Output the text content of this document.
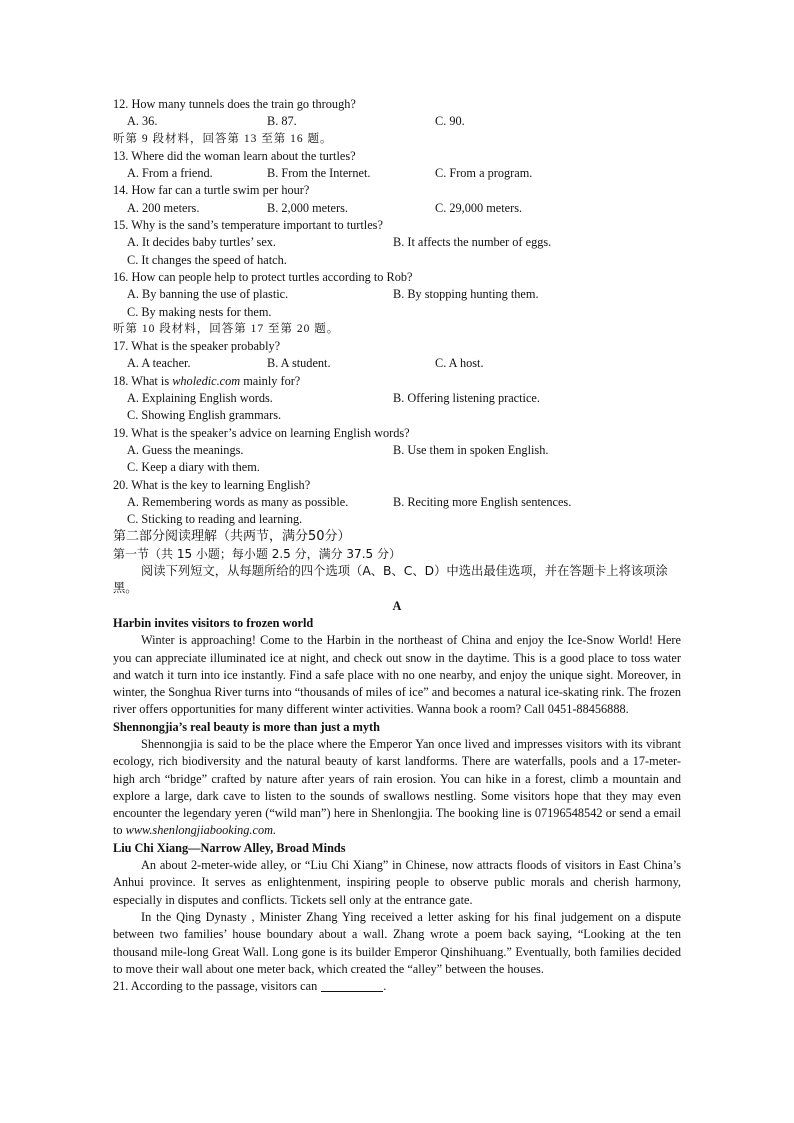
12. How many tunnels does the train go through?
A. 36.	B. 87.	C. 90.
听第 9 段材料，回答第 13 至第 16 题。
13. Where did the woman learn about the turtles?
A. From a friend.	B. From the Internet.	C. From a program.
14. How far can a turtle swim per hour?
A. 200 meters.	B. 2,000 meters.	C. 29,000 meters.
15. Why is the sand’s temperature important to turtles?
A. It decides baby turtles’ sex.	B. It affects the number of eggs.
C. It changes the speed of hatch.
16. How can people help to protect turtles according to Rob?
A. By banning the use of plastic.	B. By stopping hunting them.
C. By making nests for them.
听第 10 段材料，回答第 17 至第 20 题。
17. What is the speaker probably?
A. A teacher.	B. A student.	C. A host.
18. What is wholedic.com mainly for?
A. Explaining English words.	B. Offering listening practice.
C. Showing English grammars.
19. What is the speaker’s advice on learning English words?
A. Guess the meanings.	B. Use them in spoken English.
C. Keep a diary with them.
20. What is the key to learning English?
A. Remembering words as many as possible.	B. Reciting more English sentences.
C. Sticking to reading and learning.
第二部分阅读理解（共两节，满分50分）
第一节（共 15 小题；每小题 2.5 分，满分 37.5 分）

阅读下列短文，从每题所给的四个选项（A、B、C、D）中选出最佳选项，并在答题卡上将该项涂黑。

A
Harbin invites visitors to frozen world

Winter is approaching! Come to the Harbin in the northeast of China and enjoy the Ice-Snow World! Here you can appreciate illuminated ice at night, and check out snow in the daytime. This is a good place to toss water and watch it turn into ice instantly. Find a safe place with no one nearby, and enjoy the unique sight. Moreover, in winter, the Songhua River turns into “thousands of miles of ice” and becomes a natural ice-skating rink. The frozen river offers opportunities for many different winter activities. Wanna book a room? Call 0451-88456888.

Shennongjia’s real beauty is more than just a myth

Shennongjia is said to be the place where the Emperor Yan once lived and impresses visitors with its vibrant ecology, rich biodiversity and the natural beauty of karst landforms. There are waterfalls, pools and a 17-meter-high arch “bridge” crafted by nature after years of rain erosion. You can hike in a forest, climb a mountain and explore a large, dark cave to listen to the sounds of swallows nestling. Some visitors hope that they may even encounter the legendary yeren (“wild man”) here in Shenlongjia. The booking line is 07196548542 or send a email to www.shenlongjiabooking.com.

Liu Chi Xiang—Narrow Alley, Broad Minds

An about 2-meter-wide alley, or “Liu Chi Xiang” in Chinese, now attracts floods of visitors in East China’s Anhui province. It serves as enlightenment, inspiring people to observe public morals and cherish harmony, especially in disputes and conflicts. Tickets sell only at the entrance gate.

In the Qing Dynasty , Minister Zhang Ying received a letter asking for his final judgement on a dispute between two families’ house boundary about a wall. Zhang wrote a poem back saying, “Looking at the ten thousand mile-long Great Wall. Long gone is its builder Emperor Qinshihuang.” Eventually, both families decided to move their wall about one meter back, which created the “alley” between the houses.

21. According to the passage, visitors can	.
